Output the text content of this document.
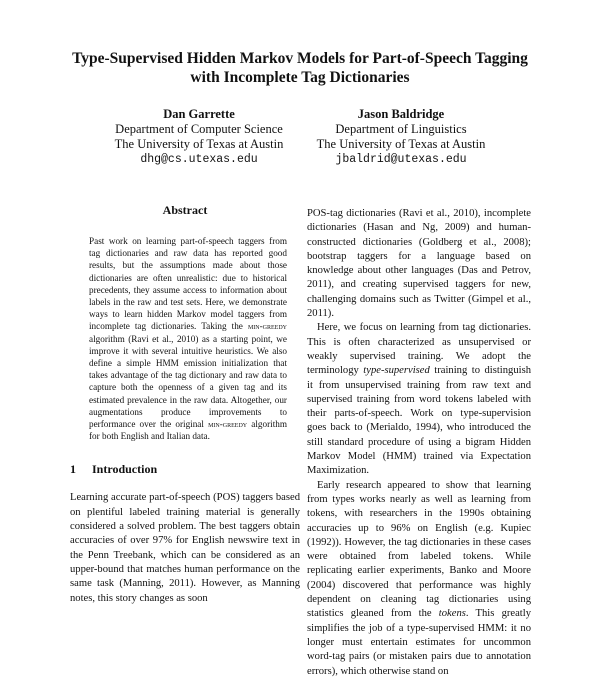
Type-Supervised Hidden Markov Models for Part-of-Speech Tagging
with Incomplete Tag Dictionaries
Dan Garrette
Department of Computer Science
The University of Texas at Austin
dhg@cs.utexas.edu
Jason Baldridge
Department of Linguistics
The University of Texas at Austin
jbaldrid@utexas.edu
Abstract

Past work on learning part-of-speech taggers from tag dictionaries and raw data has reported good results, but the assumptions made about those dictionaries are often unrealistic: due to historical precedents, they assume access to information about labels in the raw and test sets. Here, we demonstrate ways to learn hidden Markov model taggers from incomplete tag dictionaries. Taking the min-greedy algorithm (Ravi et al., 2010) as a starting point, we improve it with several intuitive heuristics. We also define a simple HMM emission initialization that takes advantage of the tag dictionary and raw data to capture both the openness of a given tag and its estimated prevalence in the raw data. Altogether, our augmentations produce improvements to performance over the original min-greedy algorithm for both English and Italian data.

1 Introduction

Learning accurate part-of-speech (POS) taggers based on plentiful labeled training material is generally considered a solved problem. The best taggers obtain accuracies of over 97% for English newswire text in the Penn Treebank, which can be considered as an upper-bound that matches human performance on the same task (Manning, 2011). However, as Manning notes, this story changes as soon

POS-tag dictionaries (Ravi et al., 2010), incomplete dictionaries (Hasan and Ng, 2009) and human-constructed dictionaries (Goldberg et al., 2008); bootstrap taggers for a language based on knowledge about other languages (Das and Petrov, 2011), and creating supervised taggers for new, challenging domains such as Twitter (Gimpel et al., 2011).

Here, we focus on learning from tag dictionaries. This is often characterized as unsupervised or weakly supervised training. We adopt the terminology type-supervised training to distinguish it from unsupervised training from raw text and supervised training from word tokens labeled with their parts-of-speech. Work on type-supervision goes back to (Merialdo, 1994), who introduced the still standard procedure of using a bigram Hidden Markov Model (HMM) trained via Expectation Maximization.

Early research appeared to show that learning from types works nearly as well as learning from tokens, with researchers in the 1990s obtaining accuracies up to 96% on English (e.g. Kupiec (1992)). However, the tag dictionaries in these cases were obtained from labeled tokens. While replicating earlier experiments, Banko and Moore (2004) discovered that performance was highly dependent on cleaning tag dictionaries using statistics gleaned from the tokens. This greatly simplifies the job of a type-supervised HMM: it no longer must entertain estimates for uncommon word-tag pairs (or mistaken pairs due to annotation errors), which otherwise stand on
